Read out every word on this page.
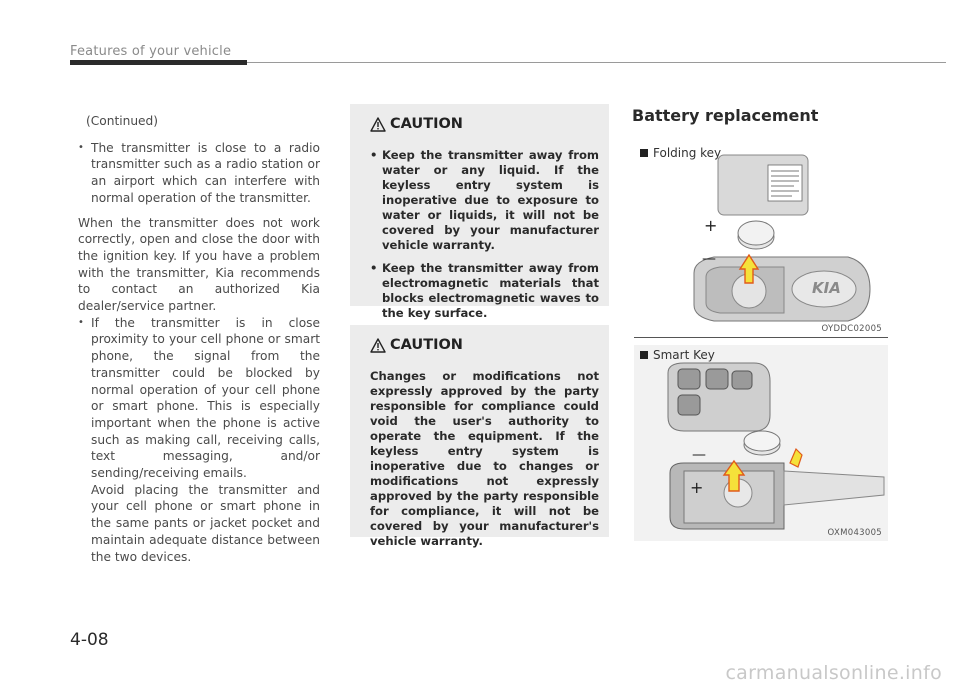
Features of your vehicle
(Continued)
• The transmitter is close to a radio transmitter such as a radio station or an airport which can interfere with normal operation of the transmitter.
When the transmitter does not work correctly, open and close the door with the ignition key. If you have a problem with the transmitter, Kia recommends to contact an authorized Kia dealer/service partner.
• If the transmitter is in close proximity to your cell phone or smart phone, the signal from the transmitter could be blocked by normal operation of your cell phone or smart phone. This is especially important when the phone is active such as making call, receiving calls, text messaging, and/or sending/receiving emails.
Avoid placing the transmitter and your cell phone or smart phone in the same pants or jacket pocket and maintain adequate distance between the two devices.
CAUTION
• Keep the transmitter away from water or any liquid. If the keyless entry system is inoperative due to exposure to water or liquids, it will not be covered by your manufacturer vehicle warranty.
• Keep the transmitter away from electromagnetic materials that blocks electromagnetic waves to the key surface.
CAUTION
Changes or modifications not expressly approved by the party responsible for compliance could void the user's authority to operate the equipment. If the keyless entry system is inoperative due to changes or modifications not expressly approved by the party responsible for compliance, it will not be covered by your manufacturer's vehicle warranty.
Battery replacement
+
—
KIA
Folding key
OYDDC02005
—
+
Smart Key
OXM043005
4-08
carmanualsonline.info
